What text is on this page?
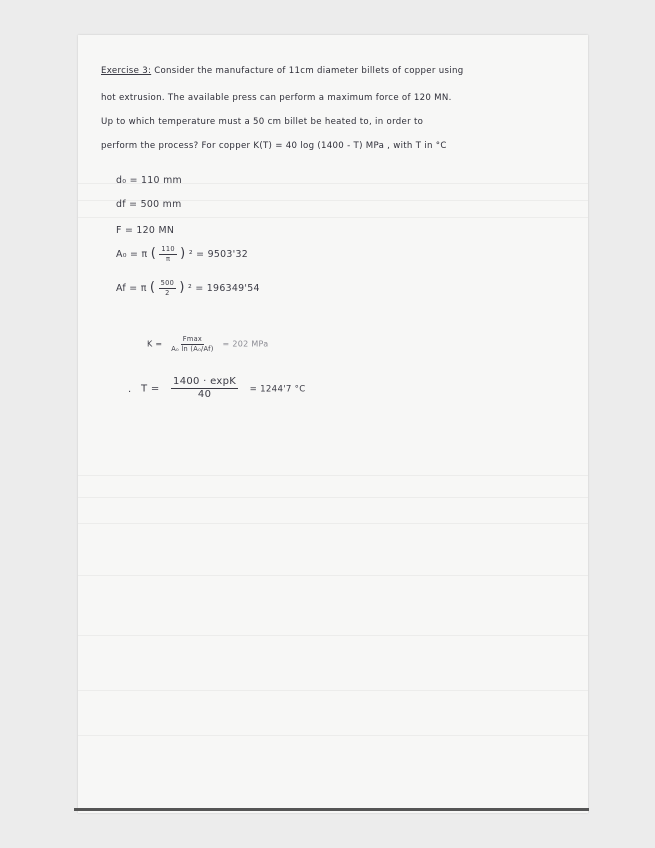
Exercise 3: Consider the manufacture of 11cm diameter billets of copper using
hot extrusion. The available press can perform a maximum force of 120 MN.
Up to which temperature must a 50 cm billet be heated to, in order to
perform the process? For copper K(T) = 40 log (1400 - T) MPa , with T in °C
d₀ = 110 mm
df = 500 mm
F = 120 MN
A₀ = π ( $\frac{110}{\pi}$ ) ² = 9503'32
Af = π ( $\frac{500}{2}$ ) ² = 196349'54
$K = \frac{Fmax}{\text{A₀ ln (A₀/Af)}} = 202$ MPa
. $T = \frac{1400 \cdot \exp K}{40} = 1244'7$ °C
